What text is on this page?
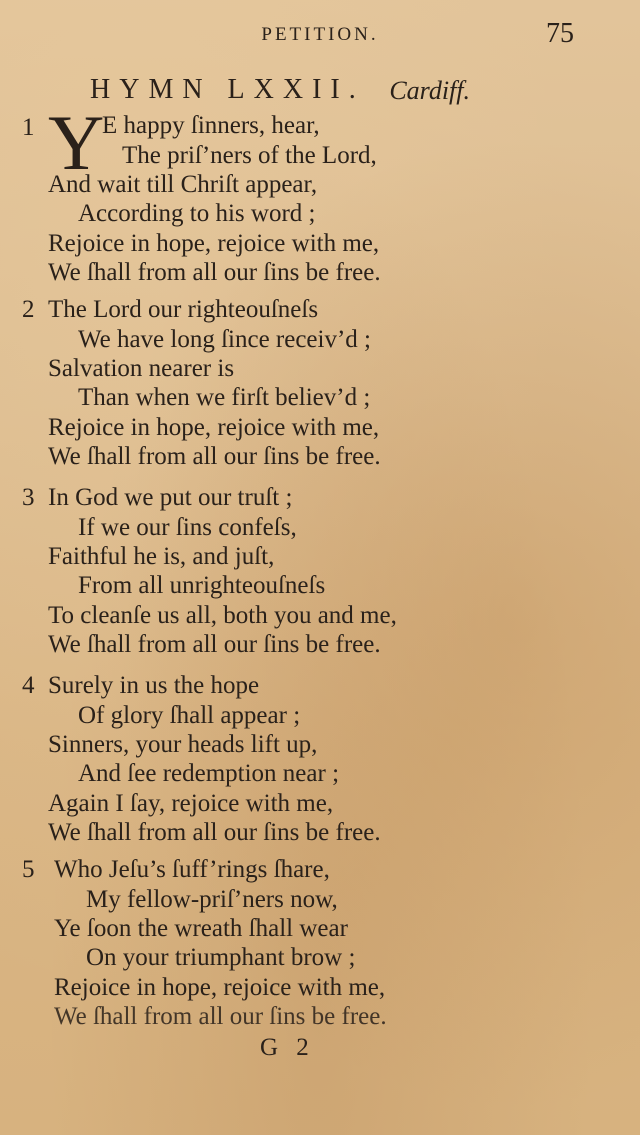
PETITION.	75
HYMN LXXII. Cardiff.
1	E happy ſinners, hear,
The priſ’ners of the Lord,
And wait till Chriſt appear,
According to his word ;
Rejoice in hope, rejoice with me,
We ſhall from all our ſins be free.
Y
2 The Lord our righteouſneſs
We have long ſince receiv’d ;
Salvation nearer is
Than when we firſt believ’d ;
Rejoice in hope, rejoice with me,
We ſhall from all our ſins be free.
3 In God we put our truſt ;
If we our ſins confeſs,
Faithful he is, and juſt,
From all unrighteouſneſs
To cleanſe us all, both you and me,
We ſhall from all our ſins be free.
4 Surely in us the hope
Of glory ſhall appear ;
Sinners, your heads lift up,
And ſee redemption near ;
Again I ſay, rejoice with me,
We ſhall from all our ſins be free.
5 Who Jeſu’s ſuff’rings ſhare,
My fellow-priſ’ners now,
Ye ſoon the wreath ſhall wear
On your triumphant brow ;
Rejoice in hope, rejoice with me,
We ſhall from all our ſins be free.
G 2
